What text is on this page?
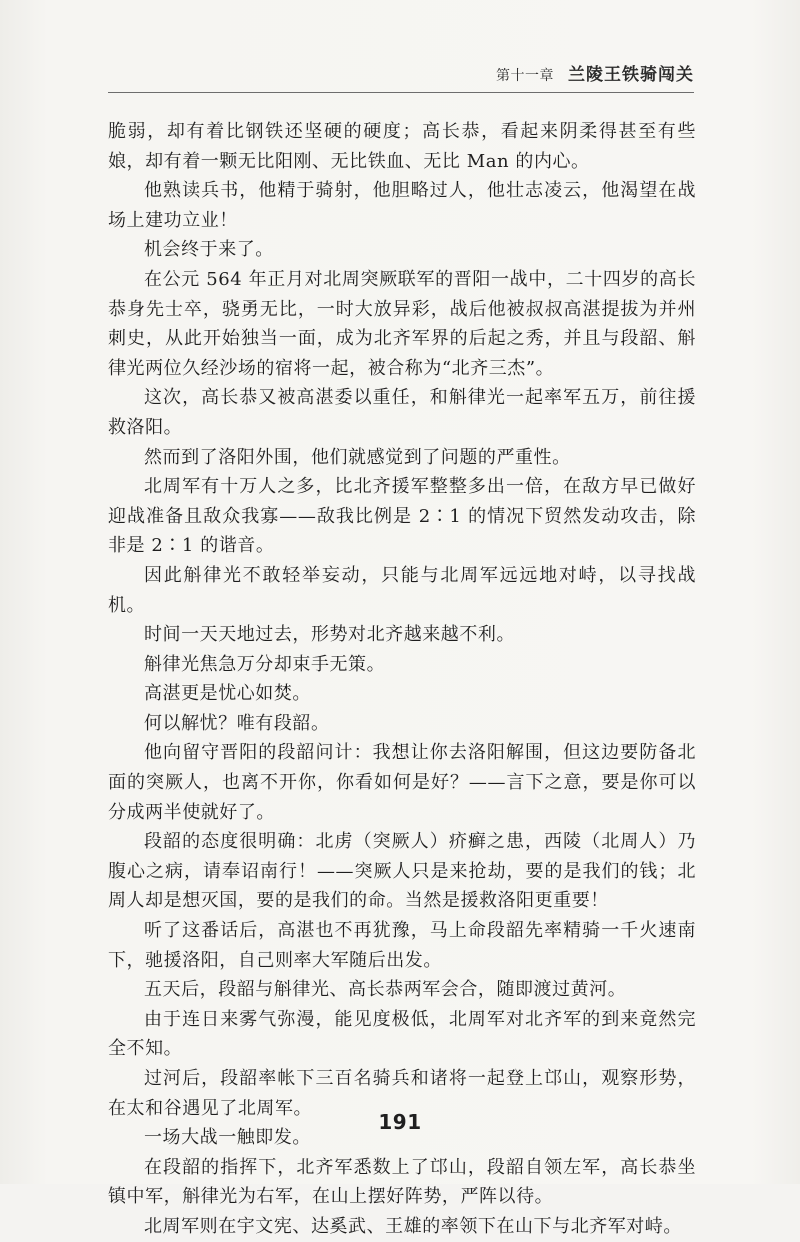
第十一章 兰陵王铁骑闯关

脆弱，却有着比钢铁还坚硬的硬度；高长恭，看起来阴柔得甚至有些娘，却有着一颗无比阳刚、无比铁血、无比 Man 的内心。

他熟读兵书，他精于骑射，他胆略过人，他壮志凌云，他渴望在战场上建功立业！

机会终于来了。

在公元 564 年正月对北周突厥联军的晋阳一战中，二十四岁的高长恭身先士卒，骁勇无比，一时大放异彩，战后他被叔叔高湛提拔为并州刺史，从此开始独当一面，成为北齐军界的后起之秀，并且与段韶、斛律光两位久经沙场的宿将一起，被合称为“北齐三杰”。

这次，高长恭又被高湛委以重任，和斛律光一起率军五万，前往援救洛阳。

然而到了洛阳外围，他们就感觉到了问题的严重性。

北周军有十万人之多，比北齐援军整整多出一倍，在敌方早已做好迎战准备且敌众我寡——敌我比例是 2∶1 的情况下贸然发动攻击，除非是 2∶1 的谐音。

因此斛律光不敢轻举妄动，只能与北周军远远地对峙，以寻找战机。

时间一天天地过去，形势对北齐越来越不利。

斛律光焦急万分却束手无策。

高湛更是忧心如焚。

何以解忧？唯有段韶。

他向留守晋阳的段韶问计：我想让你去洛阳解围，但这边要防备北面的突厥人，也离不开你，你看如何是好？——言下之意，要是你可以分成两半使就好了。

段韶的态度很明确：北虏（突厥人）疥癣之患，西陵（北周人）乃腹心之病，请奉诏南行！——突厥人只是来抢劫，要的是我们的钱；北周人却是想灭国，要的是我们的命。当然是援救洛阳更重要！

听了这番话后，高湛也不再犹豫，马上命段韶先率精骑一千火速南下，驰援洛阳，自己则率大军随后出发。

五天后，段韶与斛律光、高长恭两军会合，随即渡过黄河。

由于连日来雾气弥漫，能见度极低，北周军对北齐军的到来竟然完全不知。

过河后，段韶率帐下三百名骑兵和诸将一起登上邙山，观察形势，在太和谷遇见了北周军。

一场大战一触即发。

在段韶的指挥下，北齐军悉数上了邙山，段韶自领左军，高长恭坐镇中军，斛律光为右军，在山上摆好阵势，严阵以待。

北周军则在宇文宪、达奚武、王雄的率领下在山下与北齐军对峙。

191
